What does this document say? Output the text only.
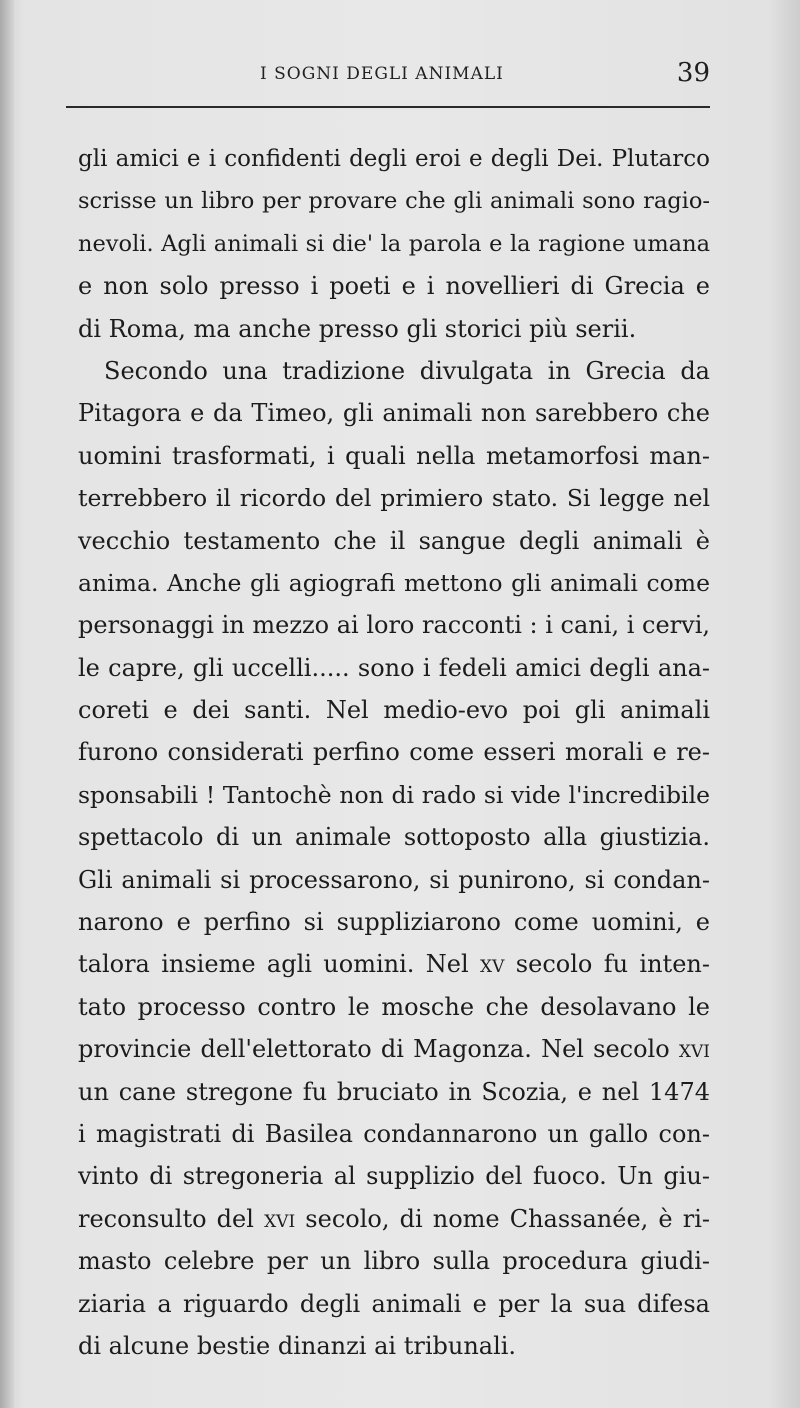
I SOGNI DEGLI ANIMALI	39
gli amici e i confidenti degli eroi e degli Dei. Plutarco
scrisse un libro per provare che gli animali sono ragio-
nevoli. Agli animali si die' la parola e la ragione umana
e non solo presso i poeti e i novellieri di Grecia e
di Roma, ma anche presso gli storici più serii.
Secondo una tradizione divulgata in Grecia da
Pitagora e da Timeo, gli animali non sarebbero che
uomini trasformati, i quali nella metamorfosi man-
terrebbero il ricordo del primiero stato. Si legge nel
vecchio testamento che il sangue degli animali è
anima. Anche gli agiografi mettono gli animali come
personaggi in mezzo ai loro racconti : i cani, i cervi,
le capre, gli uccelli..... sono i fedeli amici degli ana-
coreti e dei santi. Nel medio-evo poi gli animali
furono considerati perfino come esseri morali e re-
sponsabili ! Tantochè non di rado si vide l'incredibile
spettacolo di un animale sottoposto alla giustizia.
Gli animali si processarono, si punirono, si condan-
narono e perfino si suppliziarono come uomini, e
talora insieme agli uomini. Nel xv secolo fu inten-
tato processo contro le mosche che desolavano le
provincie dell'elettorato di Magonza. Nel secolo xvi
un cane stregone fu bruciato in Scozia, e nel 1474
i magistrati di Basilea condannarono un gallo con-
vinto di stregoneria al supplizio del fuoco. Un giu-
reconsulto del xvi secolo, di nome Chassanée, è ri-
masto celebre per un libro sulla procedura giudi-
ziaria a riguardo degli animali e per la sua difesa
di alcune bestie dinanzi ai tribunali.
